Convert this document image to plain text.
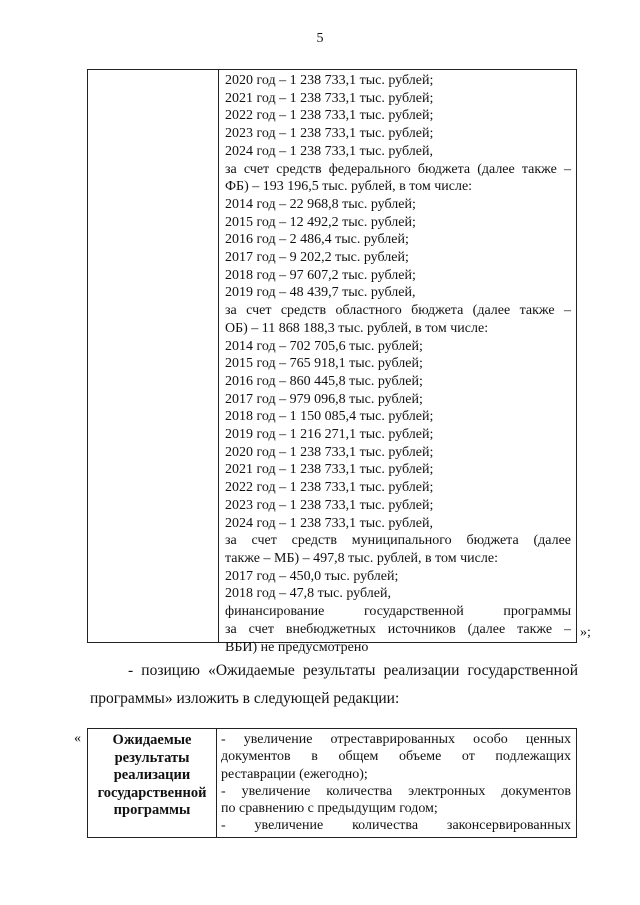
5
2020 год – 1 238 733,1 тыс. рублей;
2021 год – 1 238 733,1 тыс. рублей;
2022 год – 1 238 733,1 тыс. рублей;
2023 год – 1 238 733,1 тыс. рублей;
2024 год – 1 238 733,1 тыс. рублей,
за счет средств федерального бюджета (далее также –
ФБ) – 193 196,5 тыс. рублей, в том числе:
2014 год – 22 968,8 тыс. рублей;
2015 год – 12 492,2 тыс. рублей;
2016 год – 2 486,4 тыс. рублей;
2017 год – 9 202,2 тыс. рублей;
2018 год – 97 607,2 тыс. рублей;
2019 год – 48 439,7 тыс. рублей,
за счет средств областного бюджета (далее также –
ОБ) – 11 868 188,3 тыс. рублей, в том числе:
2014 год – 702 705,6 тыс. рублей;
2015 год – 765 918,1 тыс. рублей;
2016 год – 860 445,8 тыс. рублей;
2017 год – 979 096,8 тыс. рублей;
2018 год – 1 150 085,4 тыс. рублей;
2019 год – 1 216 271,1 тыс. рублей;
2020 год – 1 238 733,1 тыс. рублей;
2021 год – 1 238 733,1 тыс. рублей;
2022 год – 1 238 733,1 тыс. рублей;
2023 год – 1 238 733,1 тыс. рублей;
2024 год – 1 238 733,1 тыс. рублей,
за счет средств муниципального бюджета (далее
также – МБ) – 497,8 тыс. рублей, в том числе:
2017 год – 450,0 тыс. рублей;
2018 год – 47,8 тыс. рублей,
финансирование государственной программы
за счет внебюджетных источников (далее также –
ВБИ) не предусмотрено
»;
- позицию «Ожидаемые результаты реализации государственной
программы» изложить в следующей редакции:
«	Ожидаемые
результаты
реализации
государственной
программы
- увеличение отреставрированных особо ценных
документов в общем объеме от подлежащих
реставрации (ежегодно);
- увеличение количества электронных документов
по сравнению с предыдущим годом;
- увеличение количества законсервированных
